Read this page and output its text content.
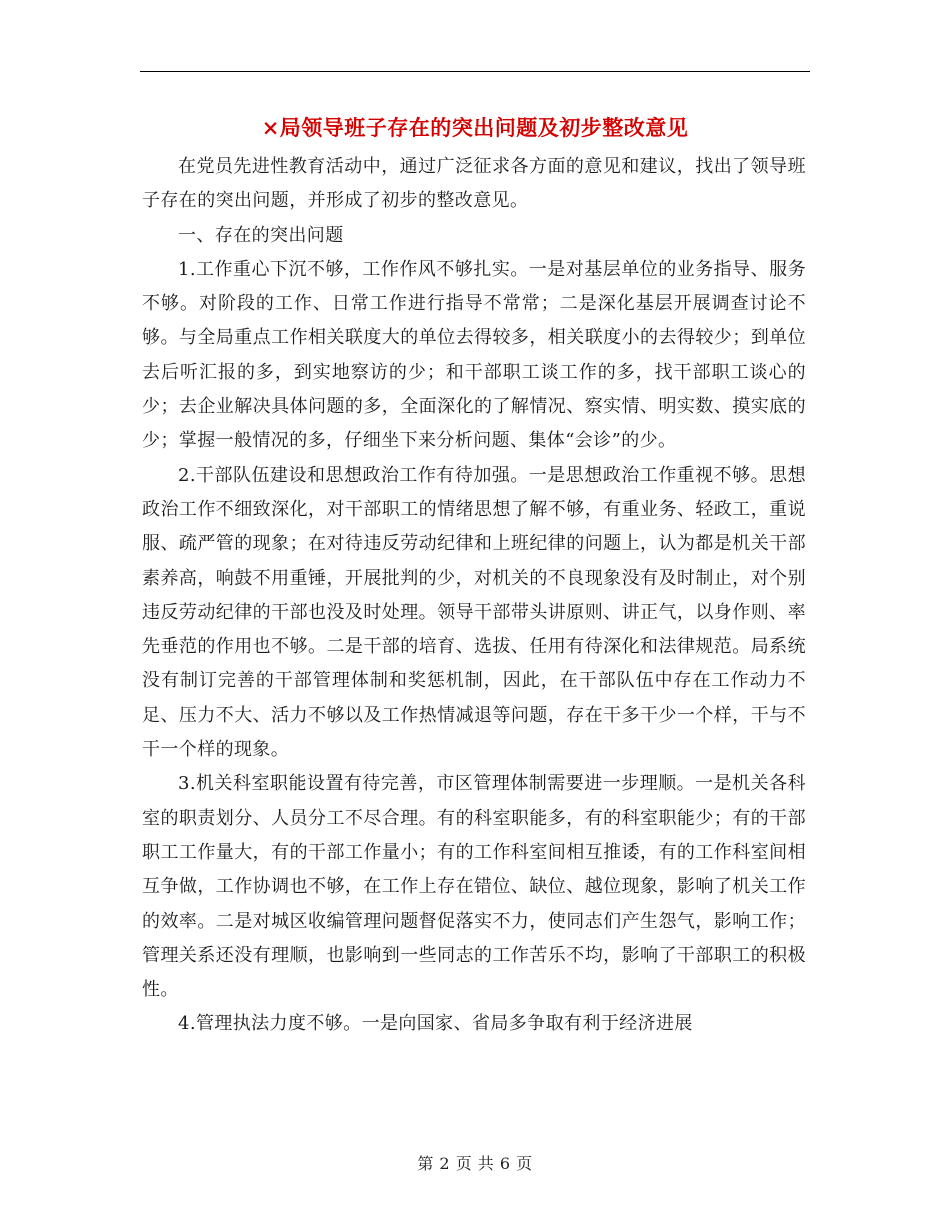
×局领导班子存在的突出问题及初步整改意见

在党员先进性教育活动中，通过广泛征求各方面的意见和建议，找出了领导班子存在的突出问题，并形成了初步的整改意见。

一、存在的突出问题

1.工作重心下沉不够，工作作风不够扎实。一是对基层单位的业务指导、服务不够。对阶段的工作、日常工作进行指导不常常；二是深化基层开展调查讨论不够。与全局重点工作相关联度大的单位去得较多，相关联度小的去得较少；到单位去后听汇报的多，到实地察访的少；和干部职工谈工作的多，找干部职工谈心的少；去企业解决具体问题的多，全面深化的了解情况、察实情、明实数、摸实底的少；掌握一般情况的多，仔细坐下来分析问题、集体“会诊”的少。

2.干部队伍建设和思想政治工作有待加强。一是思想政治工作重视不够。思想政治工作不细致深化，对干部职工的情绪思想了解不够，有重业务、轻政工，重说服、疏严管的现象；在对待违反劳动纪律和上班纪律的问题上，认为都是机关干部素养高，响鼓不用重锤，开展批判的少，对机关的不良现象没有及时制止，对个别违反劳动纪律的干部也没及时处理。领导干部带头讲原则、讲正气，以身作则、率先垂范的作用也不够。二是干部的培育、选拔、任用有待深化和法律规范。局系统没有制订完善的干部管理体制和奖惩机制，因此，在干部队伍中存在工作动力不足、压力不大、活力不够以及工作热情减退等问题，存在干多干少一个样，干与不干一个样的现象。

3.机关科室职能设置有待完善，市区管理体制需要进一步理顺。一是机关各科室的职责划分、人员分工不尽合理。有的科室职能多，有的科室职能少；有的干部职工工作量大，有的干部工作量小；有的工作科室间相互推诿，有的工作科室间相互争做，工作协调也不够，在工作上存在错位、缺位、越位现象，影响了机关工作的效率。二是对城区收编管理问题督促落实不力，使同志们产生怨气，影响工作；管理关系还没有理顺，也影响到一些同志的工作苦乐不均，影响了干部职工的积极性。

4.管理执法力度不够。一是向国家、省局多争取有利于经济进展

第 2 页 共 6 页
